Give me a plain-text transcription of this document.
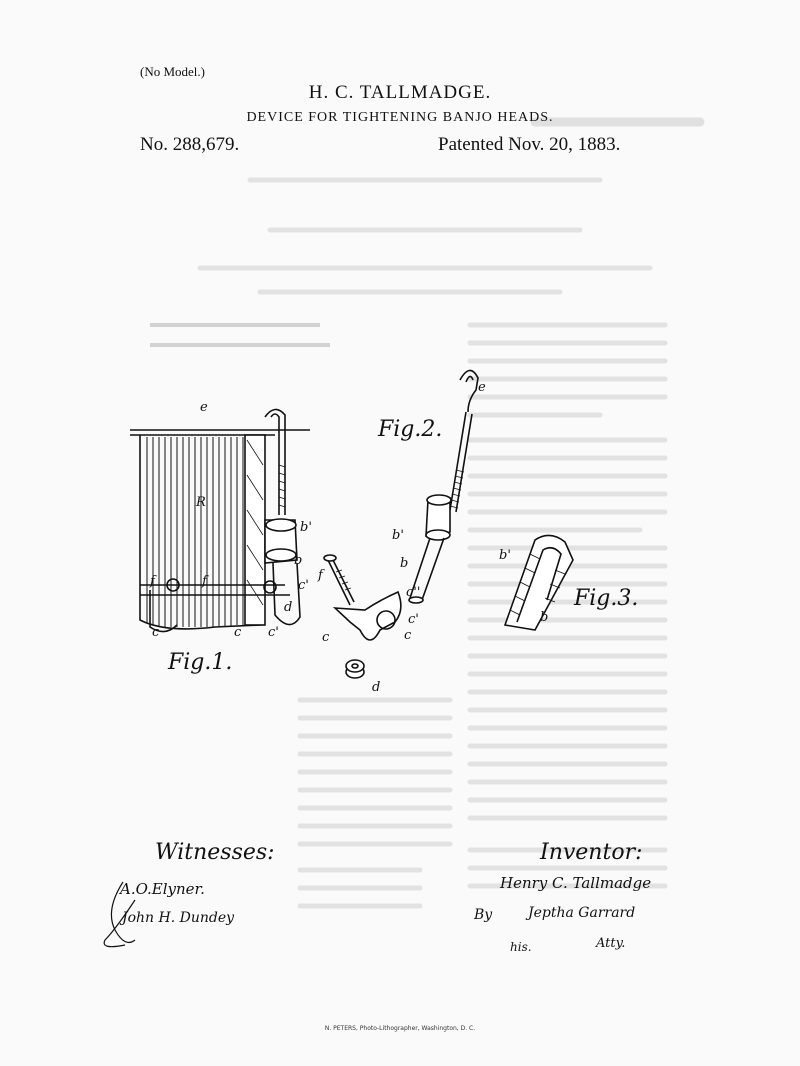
(No Model.)
H. C. TALLMADGE.
DEVICE FOR TIGHTENING BANJO HEADS.
No. 288,679.	Patented Nov. 20, 1883.
e
e
R
b'
b'
b	b
b
b'
f	f	f
c'	c''
c'
d
d
c	c	c
c'	c
Fig.1.
Fig.2.
Fig.3.
Witnesses:	Inventor:
A.O.Elyner.
John H. Dundey
Henry C. Tallmadge
By	Jeptha Garrard
his.	Atty.
N. PETERS, Photo-Lithographer, Washington, D. C.
